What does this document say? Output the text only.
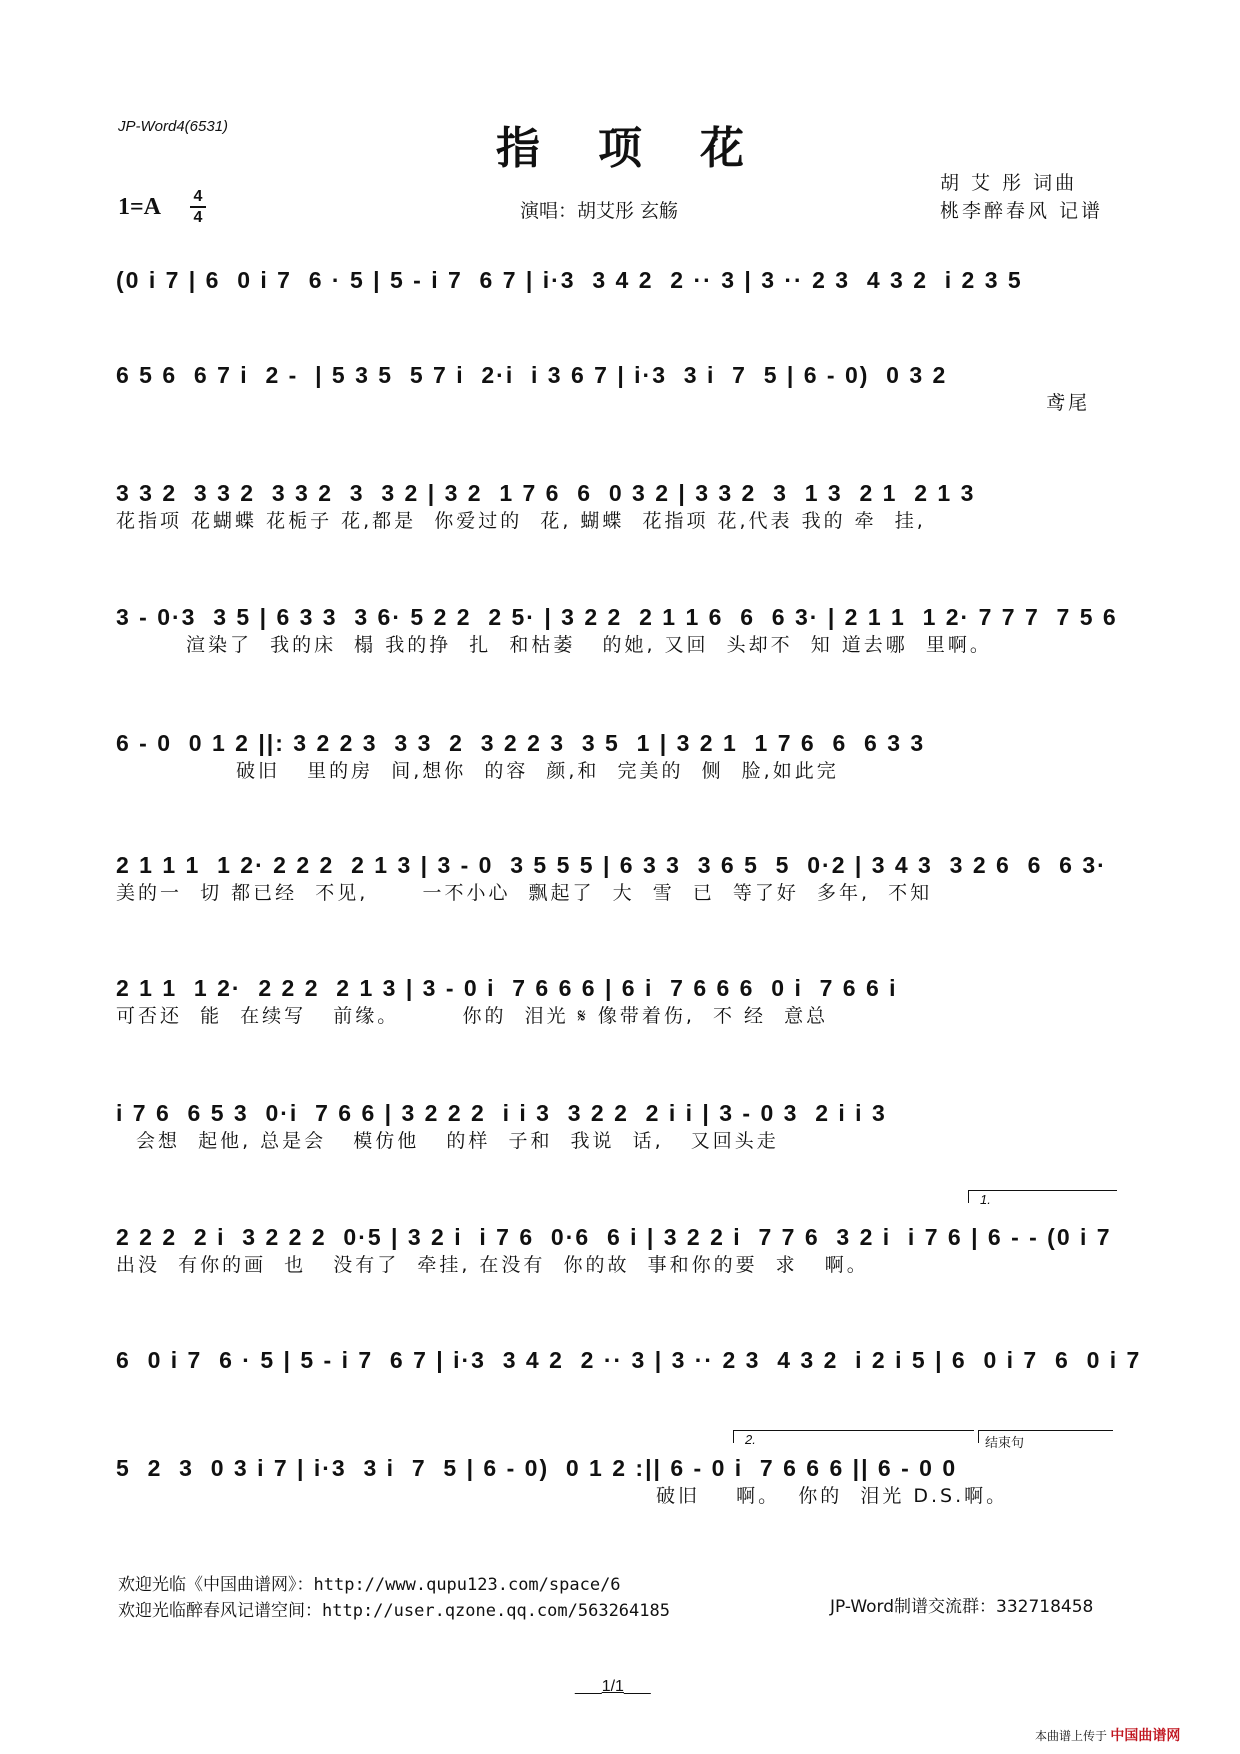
JP-Word4(6531)	指项花
1=A 4
4	演唱：胡艾彤 玄觞
胡 艾 彤 词曲
桃李醉春风 记谱
(0 i 7 | 6  0 i 7  6 · 5 | 5 - i 7  6 7 | i·3  3 4 2  2 ·· 3 | 3 ·· 2 3  4 3 2  i 2 3 5
6 5 6  6 7 i  2 -  | 5 3 5  5 7 i  2·i  i 3 6 7 | i·3  3 i  7  5 | 6 - 0)  0 3 2
鸢尾
3 3 2  3 3 2  3 3 2  3  3 2 | 3 2  1 7 6  6  0 3 2 | 3 3 2  3  1 3  2 1  2 1 3
花指项 花蝴蝶 花栀子 花,都是  你爱过的  花, 蝴蝶  花指项 花,代表 我的 牵  挂,
3 - 0·3  3 5 | 6 3 3  3 6· 5 2 2  2 5· | 3 2 2  2 1 1 6  6  6 3· | 2 1 1  1 2· 7 7 7  7 5 6
渲染了  我的床  榻 我的挣  扎  和枯萎   的她, 又回  头却不  知 道去哪  里啊。
6 - 0  0 1 2 ||: 3 2 2 3  3 3  2  3 2 2 3  3 5  1 | 3 2 1  1 7 6  6  6 3 3
破旧   里的房  间,想你  的容  颜,和  完美的  侧  脸,如此完
2 1 1 1  1 2· 2 2 2  2 1 3 | 3 - 0  3 5 5 5 | 6 3 3  3 6 5  5  0·2 | 3 4 3  3 2 6  6  6 3·
美的一  切 都已经  不见,      一不小心  飘起了  大  雪  已  等了好  多年,  不知
2 1 1  1 2·  2 2 2  2 1 3 | 3 - 0 i  7 6 6 6 | 6 i  7 6 6 6  0 i  7 6 6 i
可否还  能  在续写   前缘。       你的  泪光 𝄋 像带着伤,  不 经  意总
i 7 6  6 5 3  0·i  7 6 6 | 3 2 2 2  i i 3  3 2 2  2 i i | 3 - 0 3  2 i i 3
会想  起他, 总是会   模仿他   的样  子和  我说  话,   又回头走
2 2 2  2 i  3 2 2 2  0·5 | 3 2 i  i 7 6  0·6  6 i | 3 2 2 i  7 7 6  3 2 i  i 7 6 | 6 - - (0 i 7
出没  有你的画  也   没有了  牵挂, 在没有  你的故  事和你的要  求   啊。
6  0 i 7  6 · 5 | 5 - i 7  6 7 | i·3  3 4 2  2 ·· 3 | 3 ·· 2 3  4 3 2  i 2 i 5 | 6  0 i 7  6  0 i 7
5  2  3  0 3 i 7 | i·3  3 i  7  5 | 6 - 0)  0 1 2 :|| 6 - 0 i  7 6 6 6 || 6 - 0 0
破旧    啊。  你的  泪光 D.S.啊。
1.
2.	结束句
欢迎光临《中国曲谱网》：http://www.qupu123.com/space/6
欢迎光临醉春风记谱空间：http://user.qzone.qq.com/563264185	JP-Word制谱交流群：332718458
___1/1___
本曲谱上传于 中国曲谱网
